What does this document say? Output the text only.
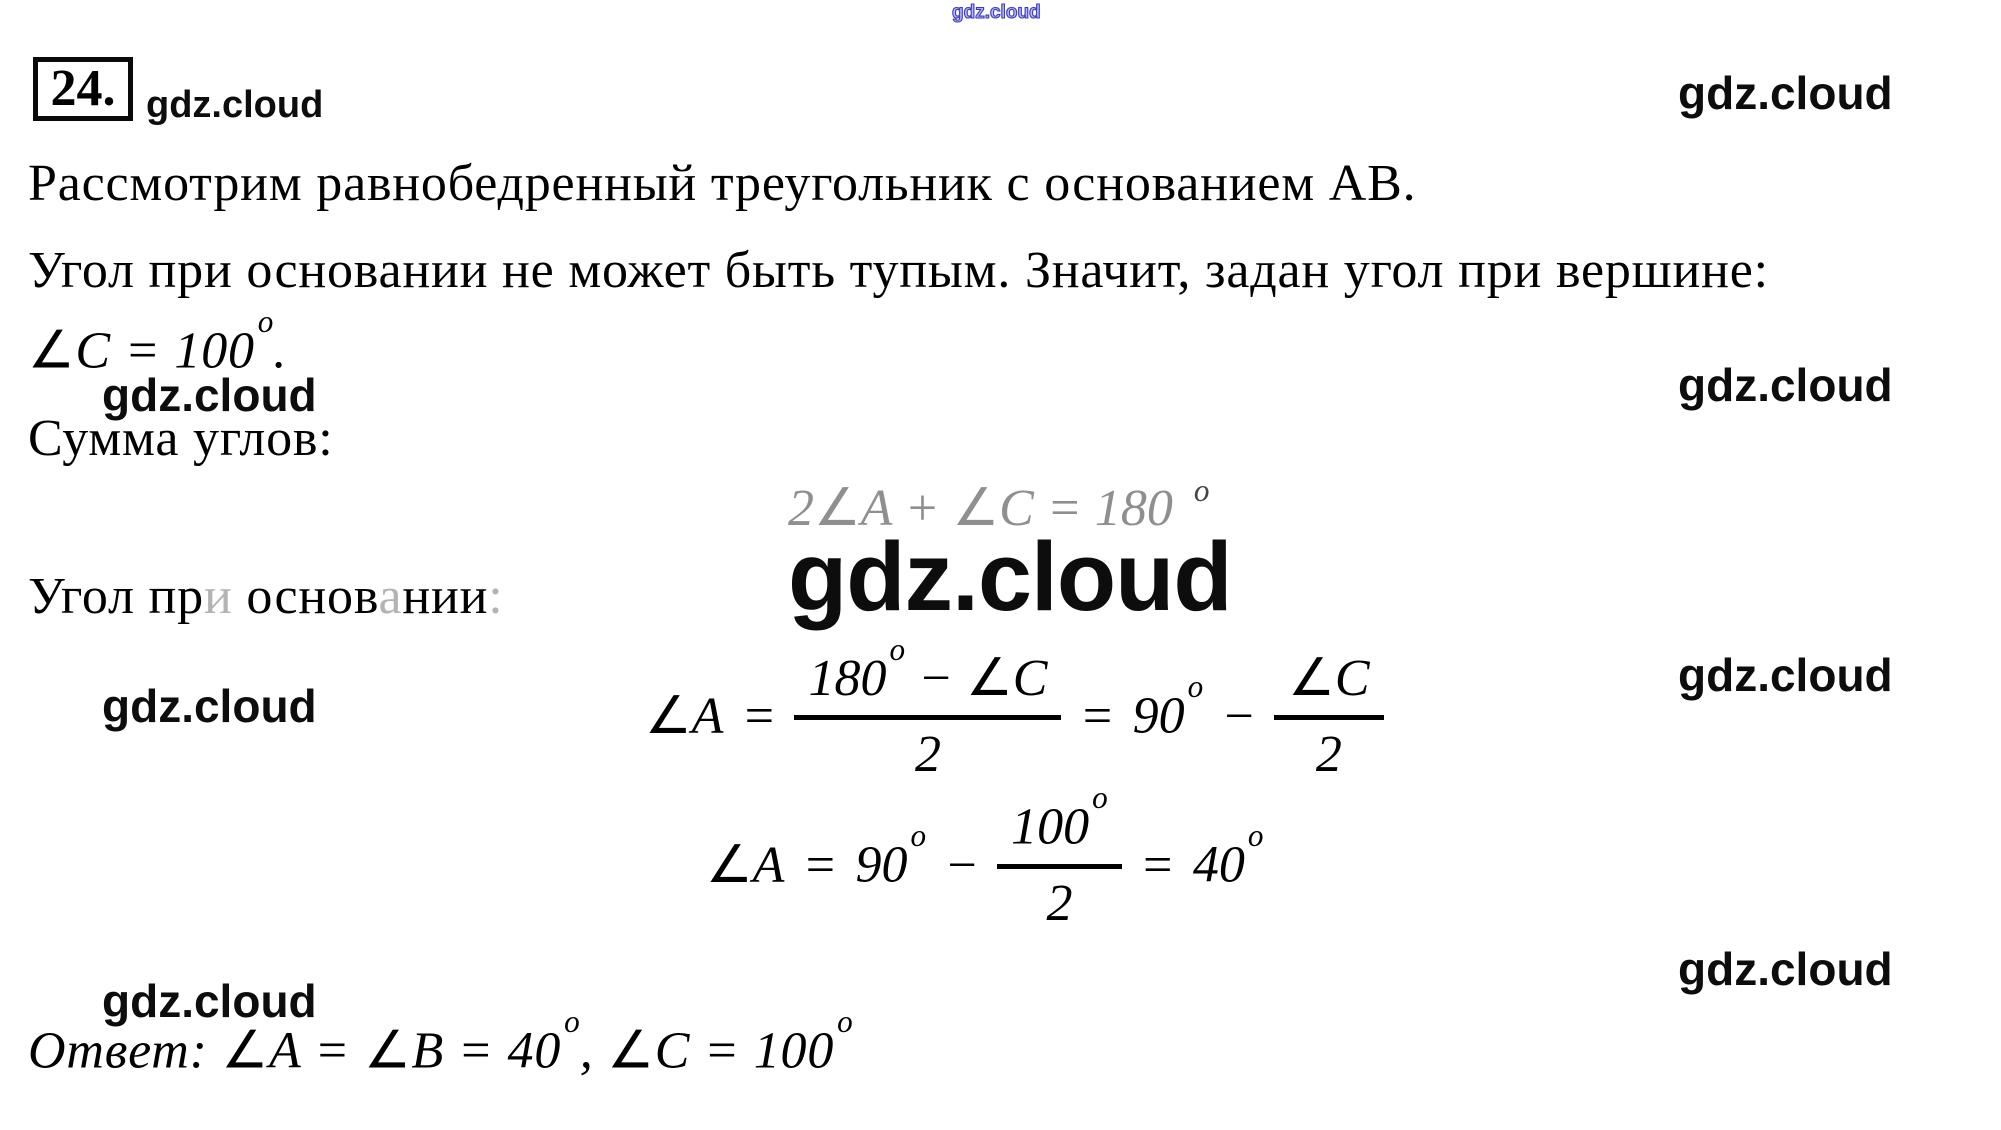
gdz.cloud
24. gdz.cloud	gdz.cloud
gdz.cloud
gdz.cloud
gdz.cloud
gdz.cloud
gdz.cloud
gdz.cloud
gdz.cloud
Рассмотрим равнобедренный треугольник с основанием AB.
Угол при основании не может быть тупым. Значит, задан угол при вершине:
∠C = $100^o$.
Сумма углов:
2∠A + ∠C = 180 $^o$
Угол при основании:
∠A =
$180^o$ − ∠C
2
= $90^o$
−
∠C
2
∠A = $90^o$
−
$100^o$
2
= $40^o$
Ответ: ∠A = ∠B = $40^o$, ∠C = $100^o$
